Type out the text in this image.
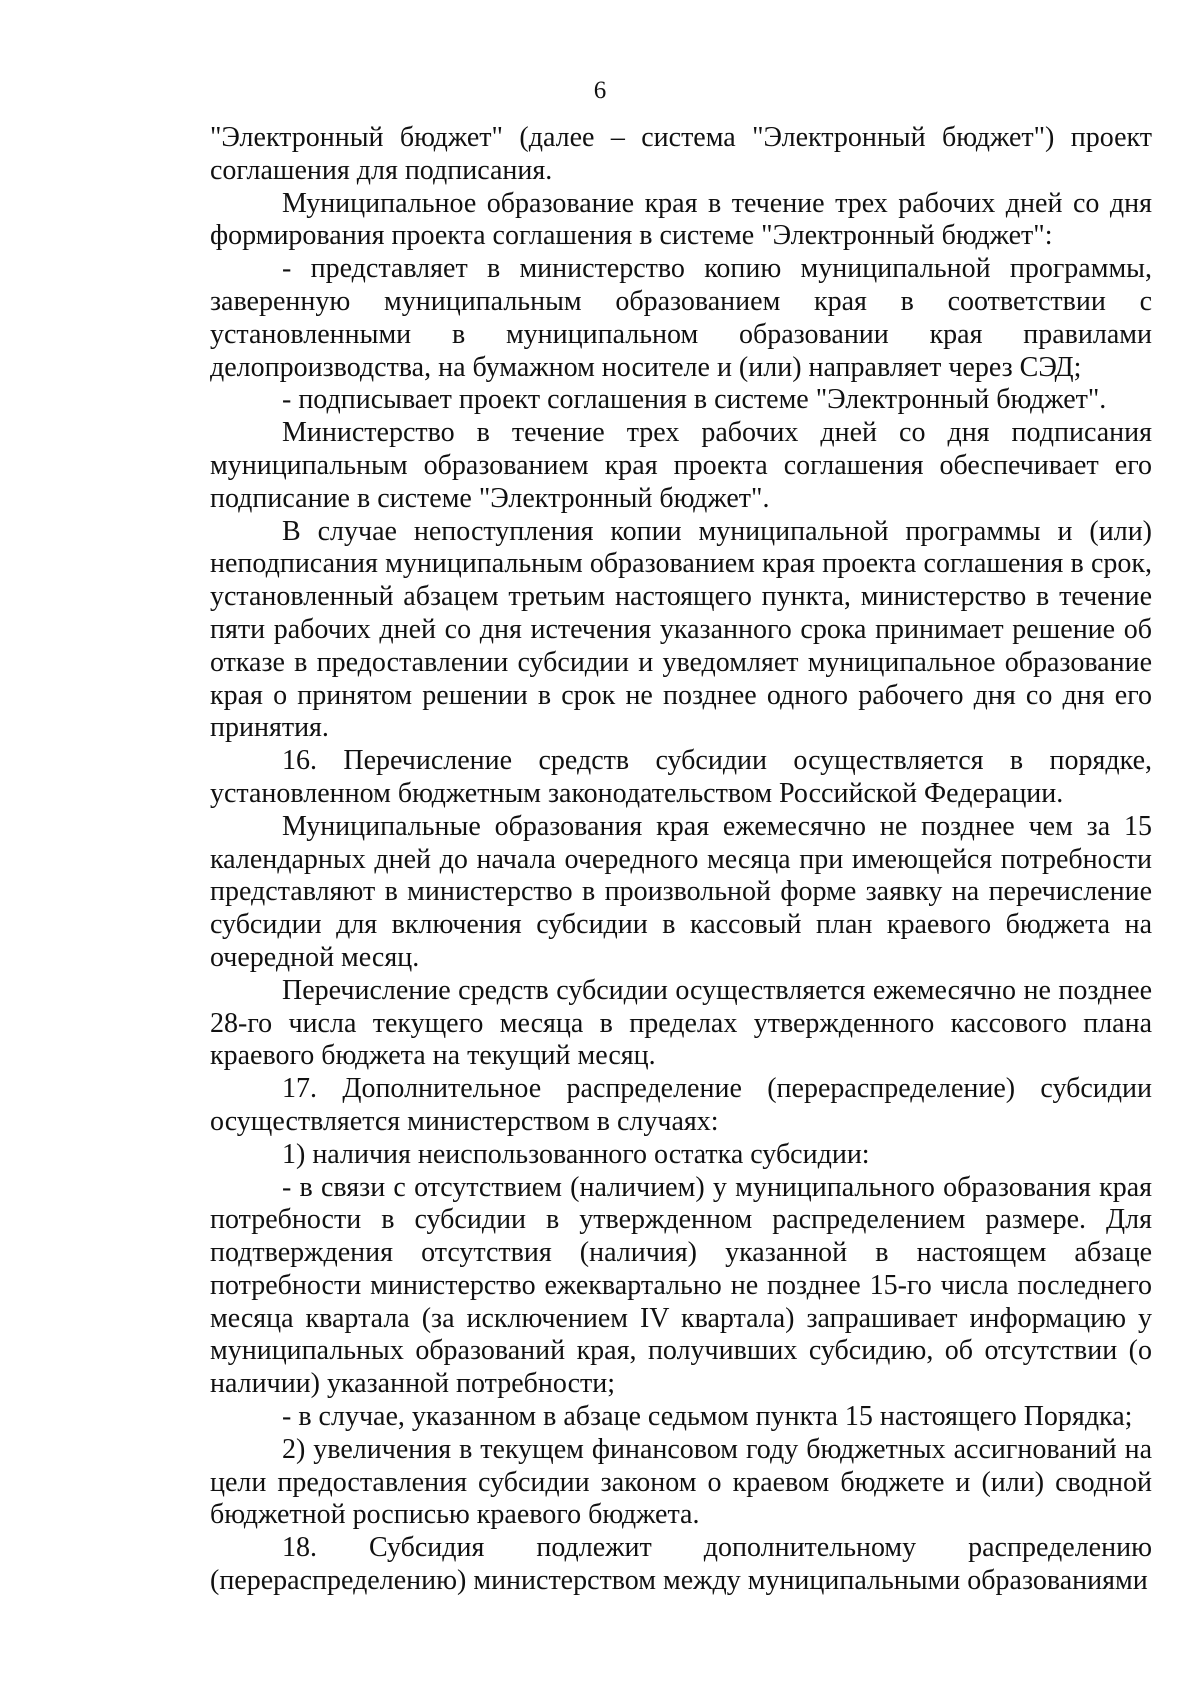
6

"Электронный бюджет" (далее – система "Электронный бюджет") проект соглашения для подписания.

Муниципальное образование края в течение трех рабочих дней со дня формирования проекта соглашения в системе "Электронный бюджет":

- представляет в министерство копию муниципальной программы, заверенную муниципальным образованием края в соответствии с установленными в муниципальном образовании края правилами делопроизводства, на бумажном носителе и (или) направляет через СЭД;

- подписывает проект соглашения в системе "Электронный бюджет".

Министерство в течение трех рабочих дней со дня подписания муниципальным образованием края проекта соглашения обеспечивает его подписание в системе "Электронный бюджет".

В случае непоступления копии муниципальной программы и (или) неподписания муниципальным образованием края проекта соглашения в срок, установленный абзацем третьим настоящего пункта, министерство в течение пяти рабочих дней со дня истечения указанного срока принимает решение об отказе в предоставлении субсидии и уведомляет муниципальное образование края о принятом решении в срок не позднее одного рабочего дня со дня его принятия.

16. Перечисление средств субсидии осуществляется в порядке, установленном бюджетным законодательством Российской Федерации.

Муниципальные образования края ежемесячно не позднее чем за 15 календарных дней до начала очередного месяца при имеющейся потребности представляют в министерство в произвольной форме заявку на перечисление субсидии для включения субсидии в кассовый план краевого бюджета на очередной месяц.

Перечисление средств субсидии осуществляется ежемесячно не позднее 28-го числа текущего месяца в пределах утвержденного кассового плана краевого бюджета на текущий месяц.

17. Дополнительное распределение (перераспределение) субсидии осуществляется министерством в случаях:

1) наличия неиспользованного остатка субсидии:

- в связи с отсутствием (наличием) у муниципального образования края потребности в субсидии в утвержденном распределением размере. Для подтверждения отсутствия (наличия) указанной в настоящем абзаце потребности министерство ежеквартально не позднее 15-го числа последнего месяца квартала (за исключением IV квартала) запрашивает информацию у муниципальных образований края, получивших субсидию, об отсутствии (о наличии) указанной потребности;

- в случае, указанном в абзаце седьмом пункта 15 настоящего Порядка;

2) увеличения в текущем финансовом году бюджетных ассигнований на цели предоставления субсидии законом о краевом бюджете и (или) сводной бюджетной росписью краевого бюджета.

18. Субсидия подлежит дополнительному распределению (перераспределению) министерством между муниципальными образованиями
